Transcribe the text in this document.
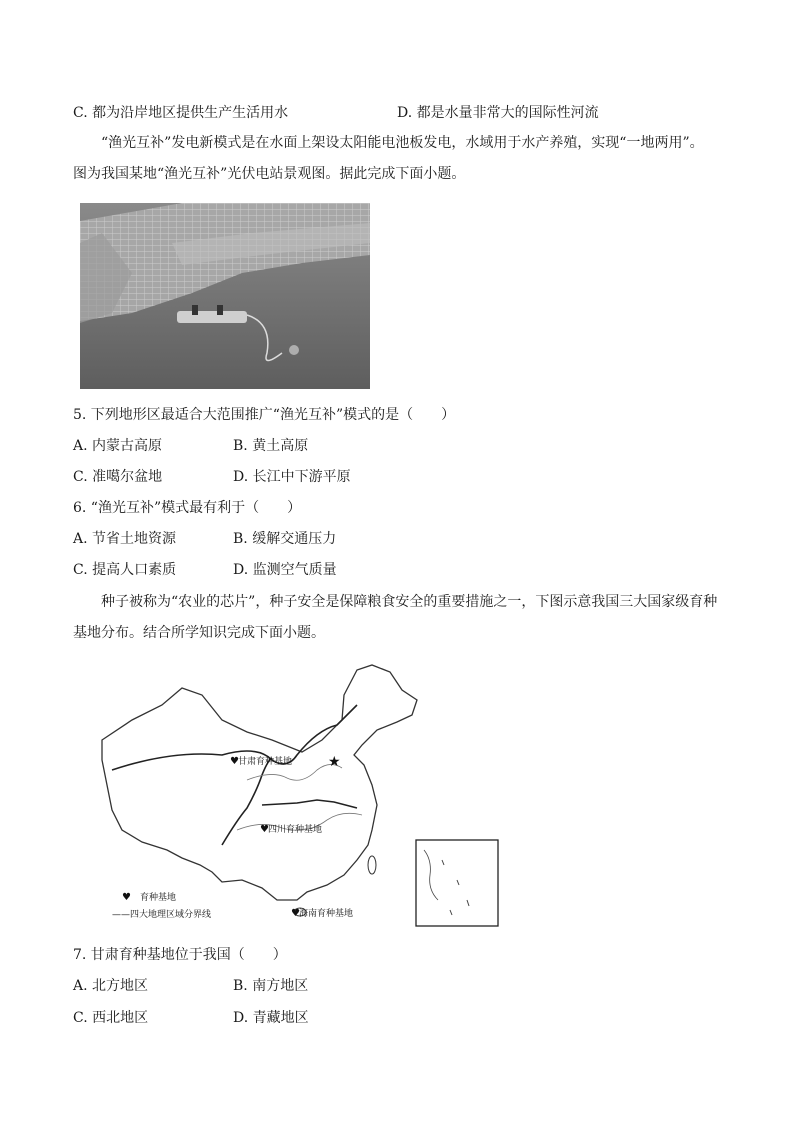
C. 都为沿岸地区提供生产生活用水	D. 都是水量非常大的国际性河流
“渔光互补”发电新模式是在水面上架设太阳能电池板发电，水域用于水产养殖，实现“一地两用”。
图为我国某地“渔光互补”光伏电站景观图。据此完成下面小题。
5. 下列地形区最适合大范围推广“渔光互补”模式的是（　　）
A. 内蒙古高原	B. 黄土高原
C. 准噶尔盆地	D. 长江中下游平原
6. “渔光互补”模式最有利于（　　）
A. 节省土地资源	B. 缓解交通压力
C. 提高人口素质	D. 监测空气质量
种子被称为“农业的芯片”，种子安全是保障粮食安全的重要措施之一，下图示意我国三大国家级育种
基地分布。结合所学知识完成下面小题。
★
♥ 甘肃育种基地
♥ 四川育种基地
♥ 海南育种基地
♥ 育种基地
——四大地理区域分界线
7. 甘肃育种基地位于我国（　　）
A. 北方地区	B. 南方地区
C. 西北地区	D. 青藏地区
